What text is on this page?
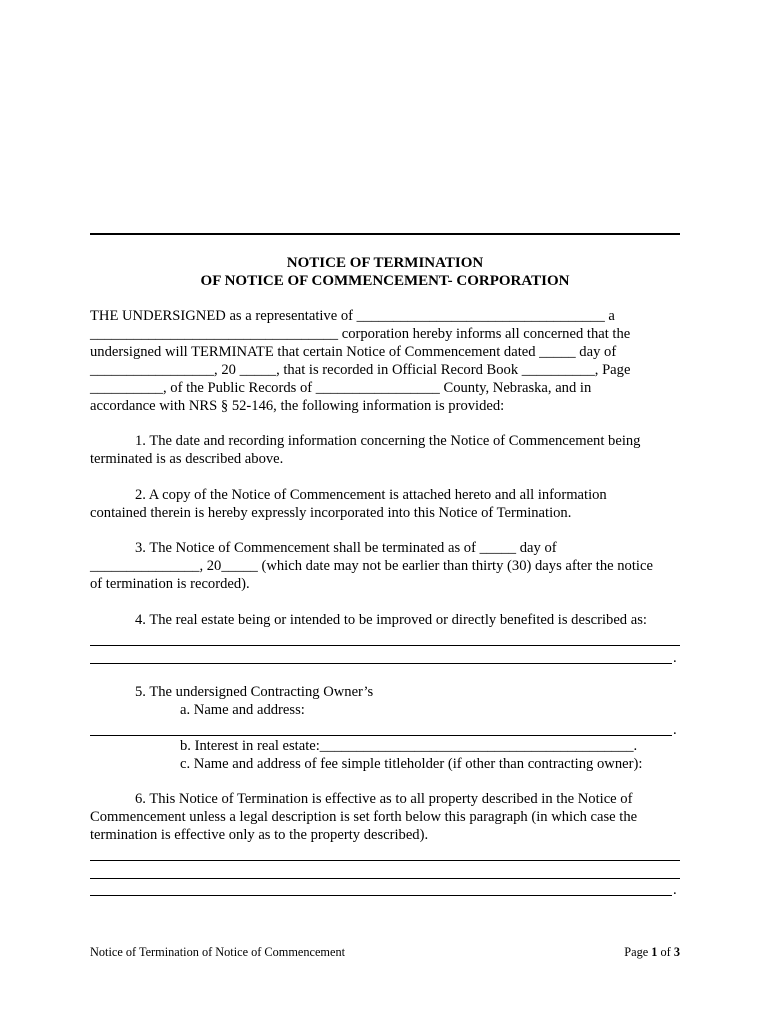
NOTICE OF TERMINATION
OF NOTICE OF COMMENCEMENT- CORPORATION
THE UNDERSIGNED as a representative of __________________________________ a
__________________________________ corporation hereby informs all concerned that the
undersigned will TERMINATE that certain Notice of Commencement dated _____ day of
_________________, 20 _____, that is recorded in Official Record Book __________, Page
__________, of the Public Records of _________________ County, Nebraska, and in
accordance with NRS § 52-146, the following information is provided:
1. The date and recording information concerning the Notice of Commencement being
terminated is as described above.
2. A copy of the Notice of Commencement is attached hereto and all information
contained therein is hereby expressly incorporated into this Notice of Termination.
3. The Notice of Commencement shall be terminated as of _____ day of
_______________, 20_____ (which date may not be earlier than thirty (30) days after the notice
of termination is recorded).
4. The real estate being or intended to be improved or directly benefited is described as:
.
5. The undersigned Contracting Owner’s
a. Name and address:
.
b. Interest in real estate:___________________________________________.
c. Name and address of fee simple titleholder (if other than contracting owner):
6. This Notice of Termination is effective as to all property described in the Notice of
Commencement unless a legal description is set forth below this paragraph (in which case the
termination is effective only as to the property described).
.
Notice of Termination of Notice of Commencement	Page 1 of 3
